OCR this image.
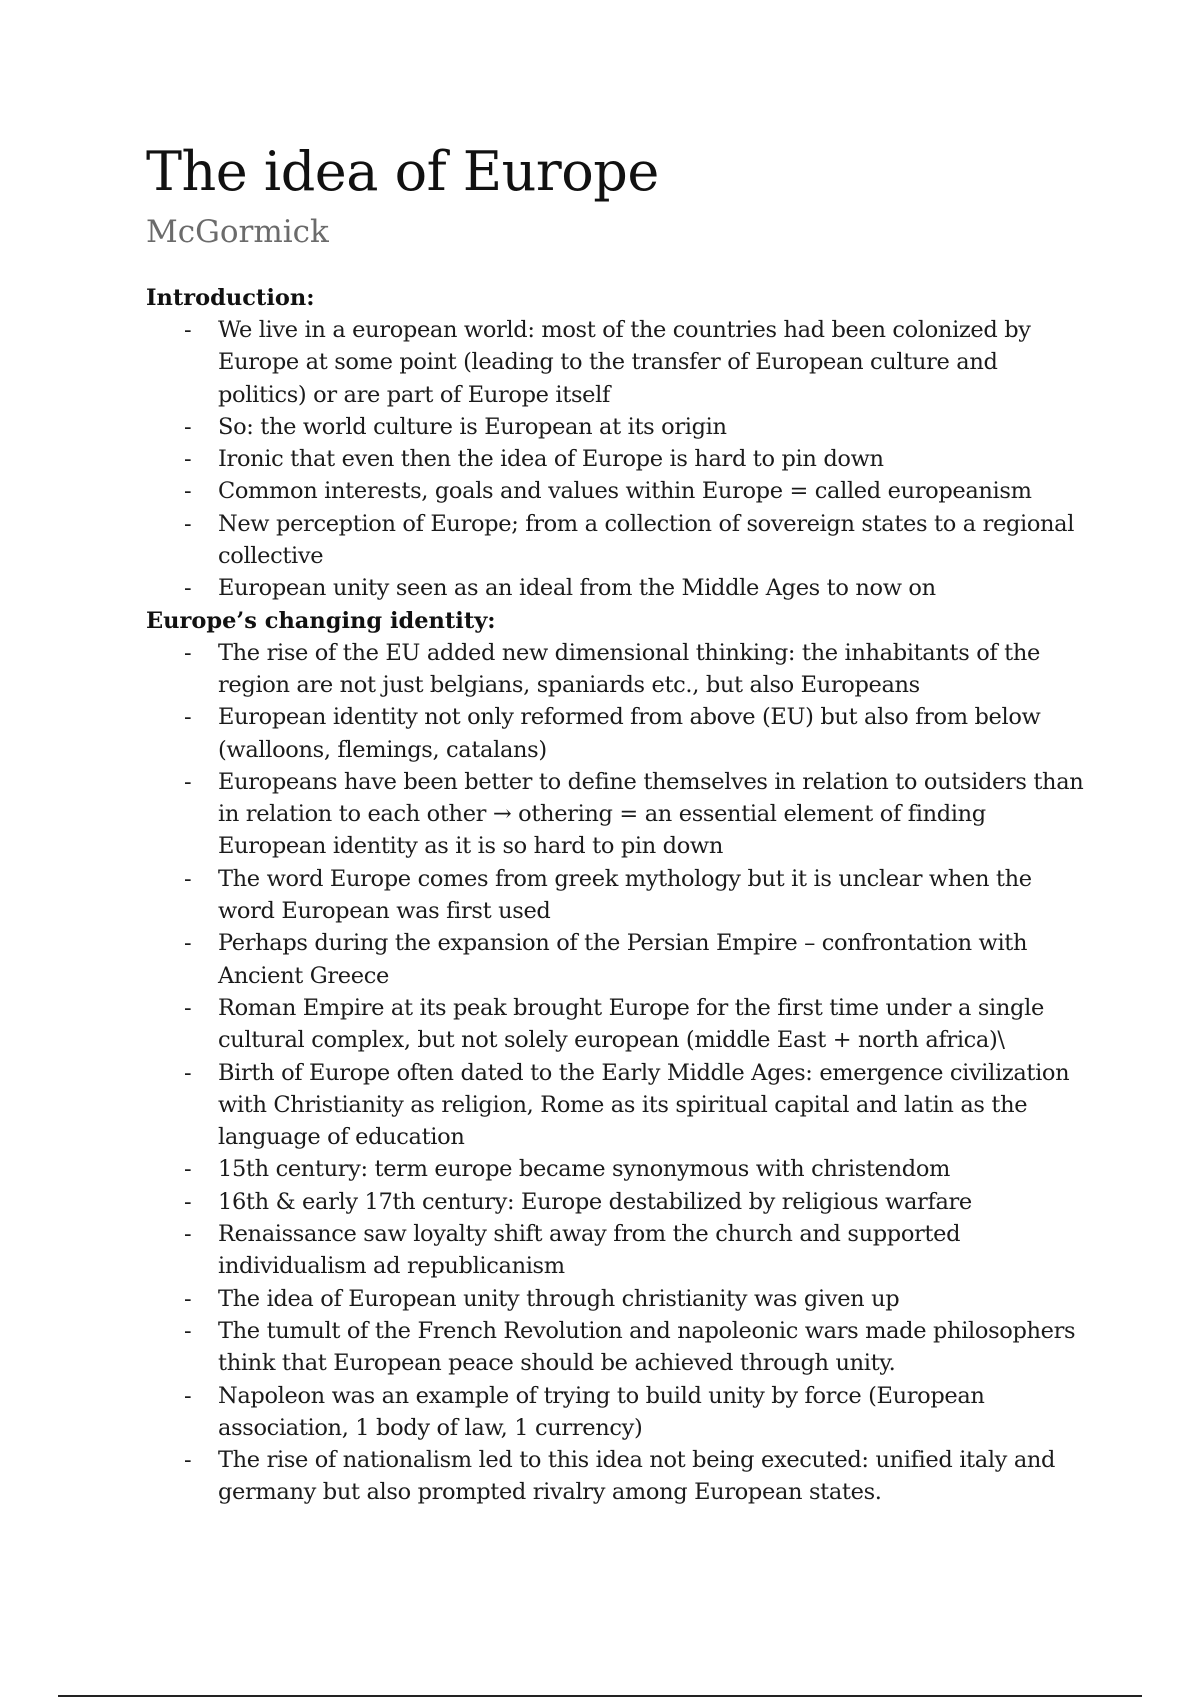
The idea of Europe
McGormick
Introduction:
- We live in a european world: most of the countries had been colonized by Europe at some point (leading to the transfer of European culture and politics) or are part of Europe itself
- So: the world culture is European at its origin
- Ironic that even then the idea of Europe is hard to pin down
- Common interests, goals and values within Europe = called europeanism
- New perception of Europe; from a collection of sovereign states to a regional collective
- European unity seen as an ideal from the Middle Ages to now on
Europe’s changing identity:
- The rise of the EU added new dimensional thinking: the inhabitants of the region are not just belgians, spaniards etc., but also Europeans
- European identity not only reformed from above (EU) but also from below (walloons, flemings, catalans)
- Europeans have been better to define themselves in relation to outsiders than in relation to each other → othering = an essential element of finding European identity as it is so hard to pin down
- The word Europe comes from greek mythology but it is unclear when the word European was first used
- Perhaps during the expansion of the Persian Empire – confrontation with Ancient Greece
- Roman Empire at its peak brought Europe for the first time under a single cultural complex, but not solely european (middle East + north africa)\
- Birth of Europe often dated to the Early Middle Ages: emergence civilization with Christianity as religion, Rome as its spiritual capital and latin as the language of education
- 15th century: term europe became synonymous with christendom
- 16th & early 17th century: Europe destabilized by religious warfare
- Renaissance saw loyalty shift away from the church and supported individualism ad republicanism
- The idea of European unity through christianity was given up
- The tumult of the French Revolution and napoleonic wars made philosophers think that European peace should be achieved through unity.
- Napoleon was an example of trying to build unity by force (European association, 1 body of law, 1 currency)
- The rise of nationalism led to this idea not being executed: unified italy and germany but also prompted rivalry among European states.
